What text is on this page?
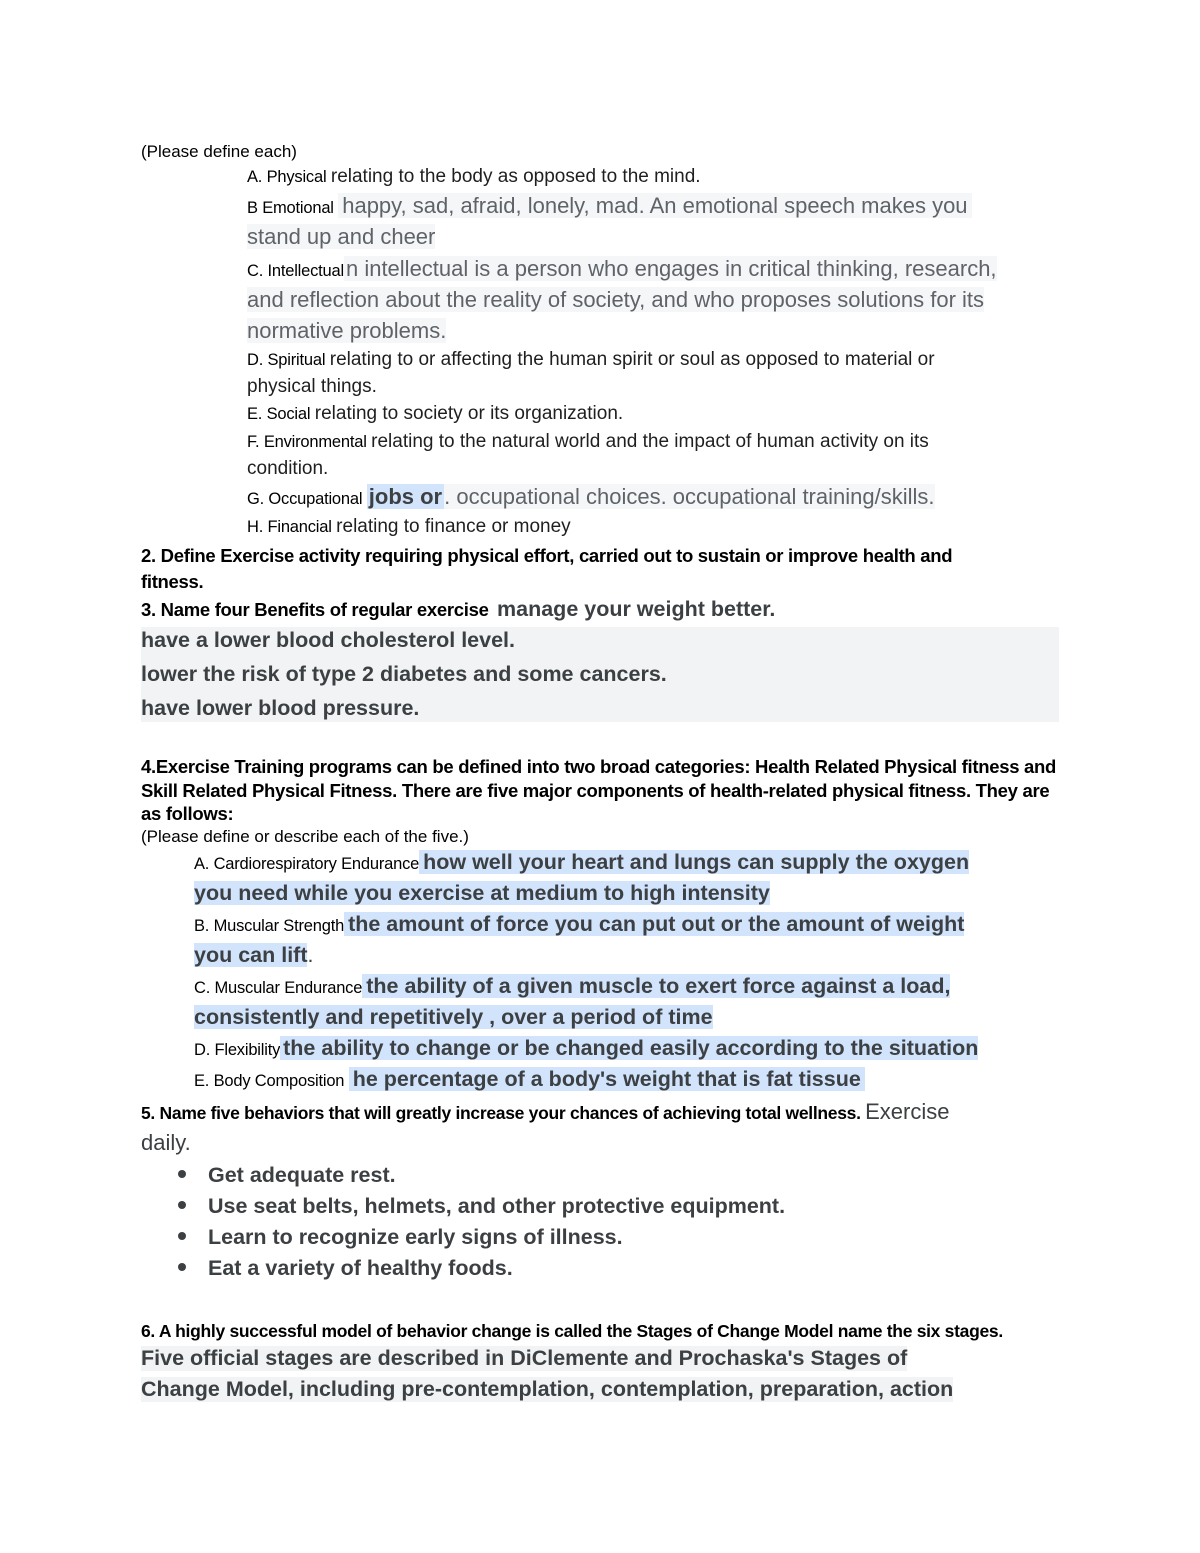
(Please define each)
A. Physical relating to the body as opposed to the mind.
B Emotional happy, sad, afraid, lonely, mad. An emotional speech makes you
stand up and cheer
C. Intellectualn intellectual is a person who engages in critical thinking, research,
and reflection about the reality of society, and who proposes solutions for its
normative problems.
D. Spiritual relating to or affecting the human spirit or soul as opposed to material or
physical things.
E. Social relating to society or its organization.
F. Environmental relating to the natural world and the impact of human activity on its
condition.
G. Occupational jobs or. occupational choices. occupational training/skills.
H. Financial relating to finance or money
2. Define Exercise activity requiring physical effort, carried out to sustain or improve health and
fitness.
3. Name four Benefits of regular exercise manage your weight better.
have a lower blood cholesterol level.
lower the risk of type 2 diabetes and some cancers.
have lower blood pressure.
4.Exercise Training programs can be defined into two broad categories: Health Related Physical fitness and
Skill Related Physical Fitness. There are five major components of health-related physical fitness. They are
as follows:
(Please define or describe each of the five.)
A. Cardiorespiratory Endurance how well your heart and lungs can supply the oxygen
you need while you exercise at medium to high intensity
B. Muscular Strength the amount of force you can put out or the amount of weight
you can lift.
C. Muscular Endurance the ability of a given muscle to exert force against a load,
consistently and repetitively , over a period of time
D. Flexibility the ability to change or be changed easily according to the situation
E. Body Composition he percentage of a body's weight that is fat tissue
5. Name five behaviors that will greatly increase your chances of achieving total wellness. Exercise
daily.
Get adequate rest.
Use seat belts, helmets, and other protective equipment.
Learn to recognize early signs of illness.
Eat a variety of healthy foods.
6. A highly successful model of behavior change is called the Stages of Change Model name the six stages.
Five official stages are described in DiClemente and Prochaska's Stages of
Change Model, including pre-contemplation, contemplation, preparation, action
